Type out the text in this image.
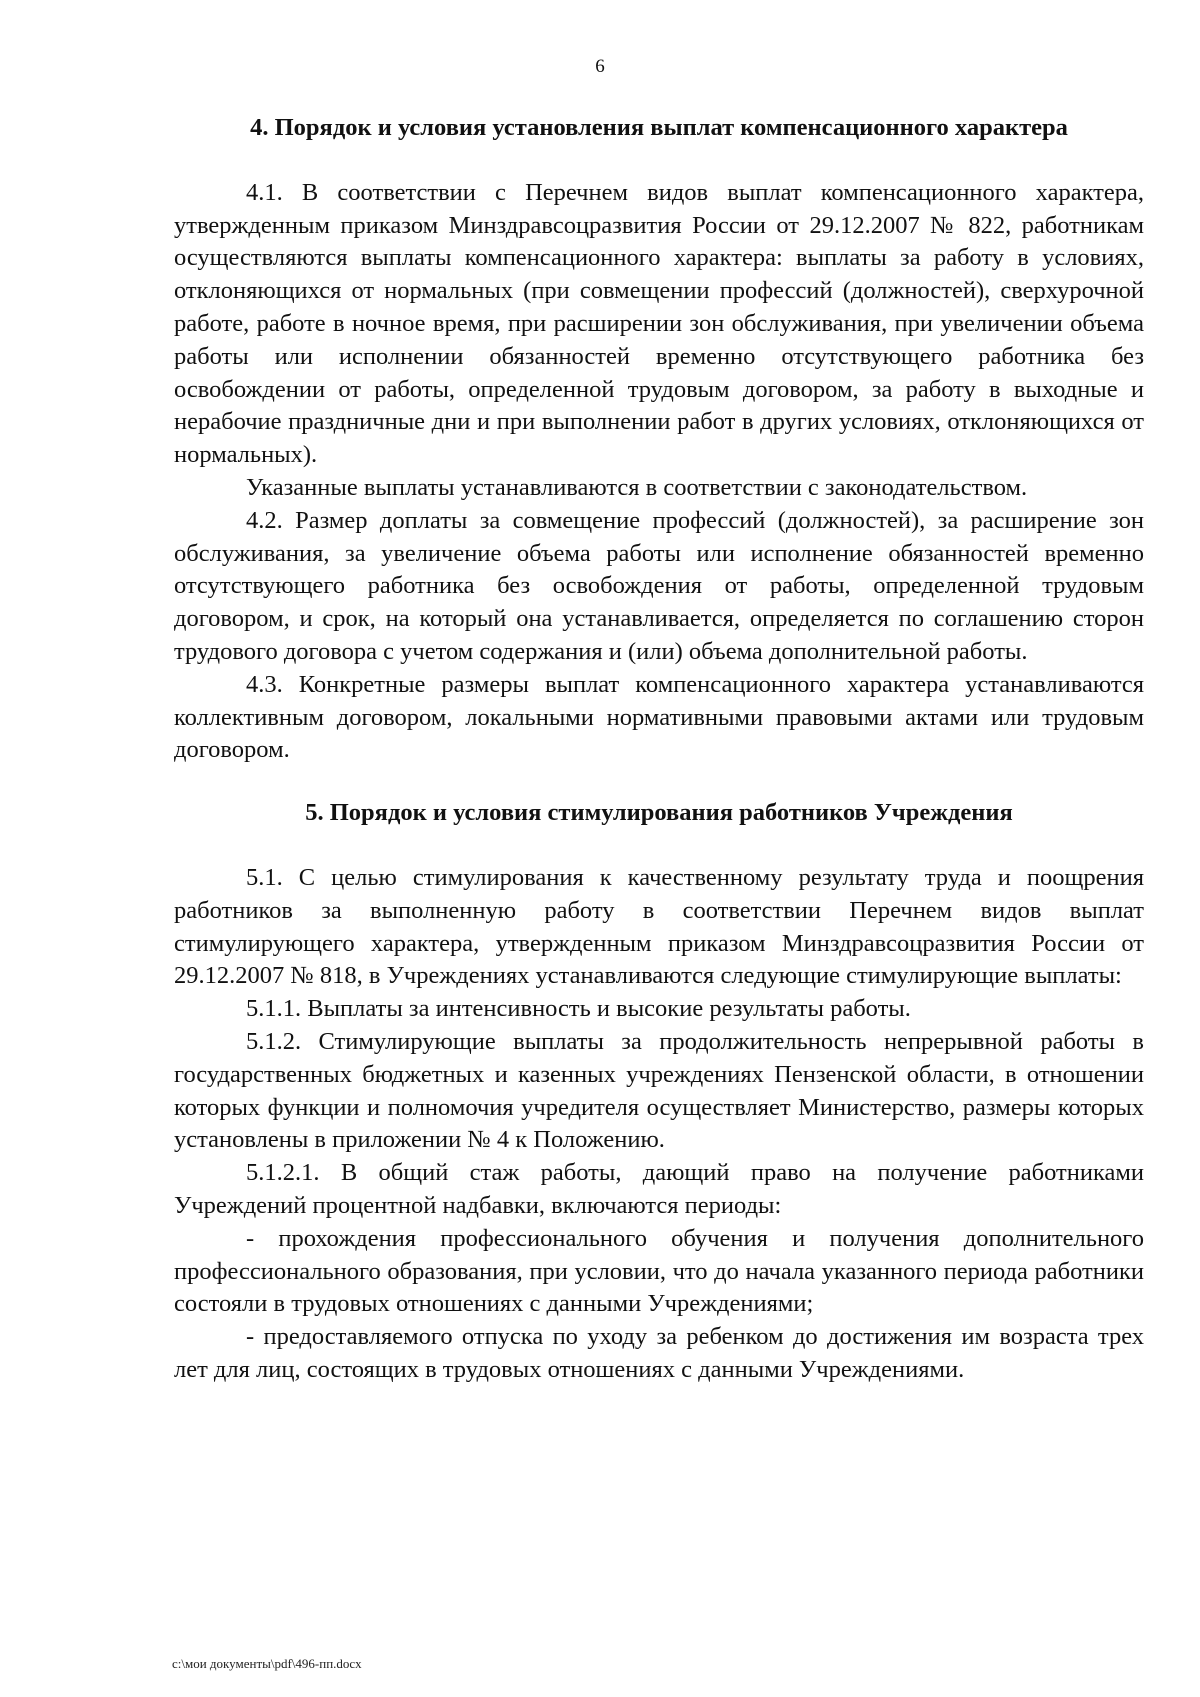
6
4. Порядок и условия установления выплат компенсационного характера

4.1. В соответствии с Перечнем видов выплат компенсационного характера, утвержденным приказом Минздравсоцразвития России от 29.12.2007 № 822, работникам осуществляются выплаты компенсационного характера: выплаты за работу в условиях, отклоняющихся от нормальных (при совмещении профессий (должностей), сверхурочной работе, работе в ночное время, при расширении зон обслуживания, при увеличении объема работы или исполнении обязанностей временно отсутствующего работника без освобождении от работы, определенной трудовым договором, за работу в выходные и нерабочие праздничные дни и при выполнении работ в других условиях, отклоняющихся от нормальных).

Указанные выплаты устанавливаются в соответствии с законодательством.

4.2. Размер доплаты за совмещение профессий (должностей), за расширение зон обслуживания, за увеличение объема работы или исполнение обязанностей временно отсутствующего работника без освобождения от работы, определенной трудовым договором, и срок, на который она устанавливается, определяется по соглашению сторон трудового договора с учетом содержания и (или) объема дополнительной работы.

4.3. Конкретные размеры выплат компенсационного характера устанавливаются коллективным договором, локальными нормативными правовыми актами или трудовым договором.

5. Порядок и условия стимулирования работников Учреждения

5.1. С целью стимулирования к качественному результату труда и поощрения работников за выполненную работу в соответствии Перечнем видов выплат стимулирующего характера, утвержденным приказом Минздравсоцразвития России от 29.12.2007 № 818, в Учреждениях устанавливаются следующие стимулирующие выплаты:

5.1.1. Выплаты за интенсивность и высокие результаты работы.

5.1.2. Стимулирующие выплаты за продолжительность непрерывной работы в государственных бюджетных и казенных учреждениях Пензенской области, в отношении которых функции и полномочия учредителя осуществляет Министерство, размеры которых установлены в приложении № 4 к Положению.

5.1.2.1. В общий стаж работы, дающий право на получение работниками Учреждений процентной надбавки, включаются периоды:

- прохождения профессионального обучения и получения дополнительного профессионального образования, при условии, что до начала указанного периода работники состояли в трудовых отношениях с данными Учреждениями;

- предоставляемого отпуска по уходу за ребенком до достижения им возраста трех лет для лиц, состоящих в трудовых отношениях с данными Учреждениями.

c:\мои документы\pdf\496-пп.docx
